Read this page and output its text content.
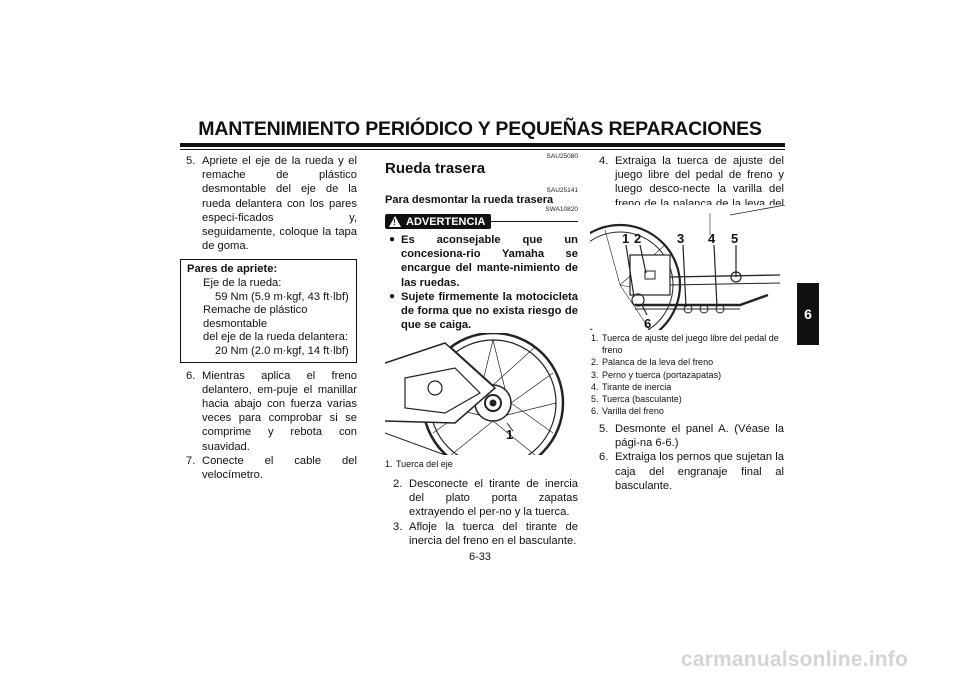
MANTENIMIENTO PERIÓDICO Y PEQUEÑAS REPARACIONES
6
5. Apriete el eje de la rueda y el remache de plástico desmontable del eje de la rueda delantera con los pares especi-ficados y, seguidamente, coloque la tapa de goma.
Pares de apriete:
Eje de la rueda:
59 Nm (5.9 m·kgf, 43 ft·lbf)
Remache de plástico desmontable
del eje de la rueda delantera:
20 Nm (2.0 m·kgf, 14 ft·lbf)
6. Mientras aplica el freno delantero, em-puje el manillar hacia abajo con fuerza varias veces para comprobar si se comprime y rebota con suavidad.
7. Conecte el cable del velocímetro.
SAU25080
Rueda trasera
SAU25141
Para desmontar la rueda trasera
SWA10820
! ADVERTENCIA
● Es aconsejable que un concesiona-rio Yamaha se encargue del mante-nimiento de las ruedas.
● Sujete firmemente la motocicleta de forma que no exista riesgo de que se caiga.
1. Afloje la tuerca del eje.
1
1. Tuerca del eje
2. Desconecte el tirante de inercia del plato porta zapatas extrayendo el per-no y la tuerca.
3. Afloje la tuerca del tirante de inercia del freno en el basculante.
4. Extraiga la tuerca de ajuste del juego libre del pedal de freno y luego desco-necte la varilla del freno de la palanca de la leva del freno.
1 2	3 4 5
6
1. Tuerca de ajuste del juego libre del pedal de freno
2. Palanca de la leva del freno
3. Perno y tuerca (portazapatas)
4. Tirante de inercia
5. Tuerca (basculante)
6. Varilla del freno
5. Desmonte el panel A. (Véase la pági-na 6-6.)
6. Extraiga los pernos que sujetan la caja del engranaje final al basculante.
6-33
carmanualsonline.info
